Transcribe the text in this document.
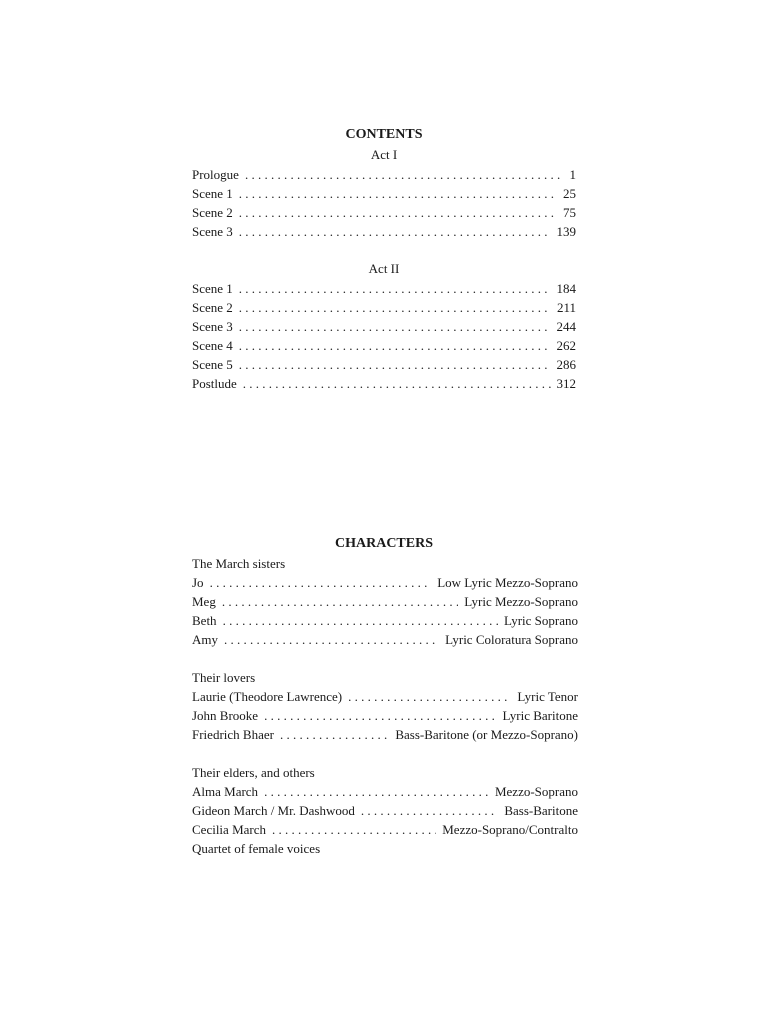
CONTENTS
Act I
Prologue . . .	1
Scene 1 . . .	25
Scene 2 . . .	75
Scene 3 . . .	139
Act II
Scene 1 . . .	184
Scene 2 . . .	211
Scene 3 . . .	244
Scene 4 . . .	262
Scene 5 . . .	286
Postlude . . .	312
CHARACTERS
The March sisters
Jo . . .	Low Lyric Mezzo-Soprano
Meg . . .	Lyric Mezzo-Soprano
Beth . . .	Lyric Soprano
Amy . . .	Lyric Coloratura Soprano
Their lovers
Laurie (Theodore Lawrence) . . .	Lyric Tenor
John Brooke . . .	Lyric Baritone
Friedrich Bhaer . . .	Bass-Baritone (or Mezzo-Soprano)
Their elders, and others
Alma March . . .	Mezzo-Soprano
Gideon March / Mr. Dashwood . . .	Bass-Baritone
Cecilia March . . .	Mezzo-Soprano/Contralto
Quartet of female voices
